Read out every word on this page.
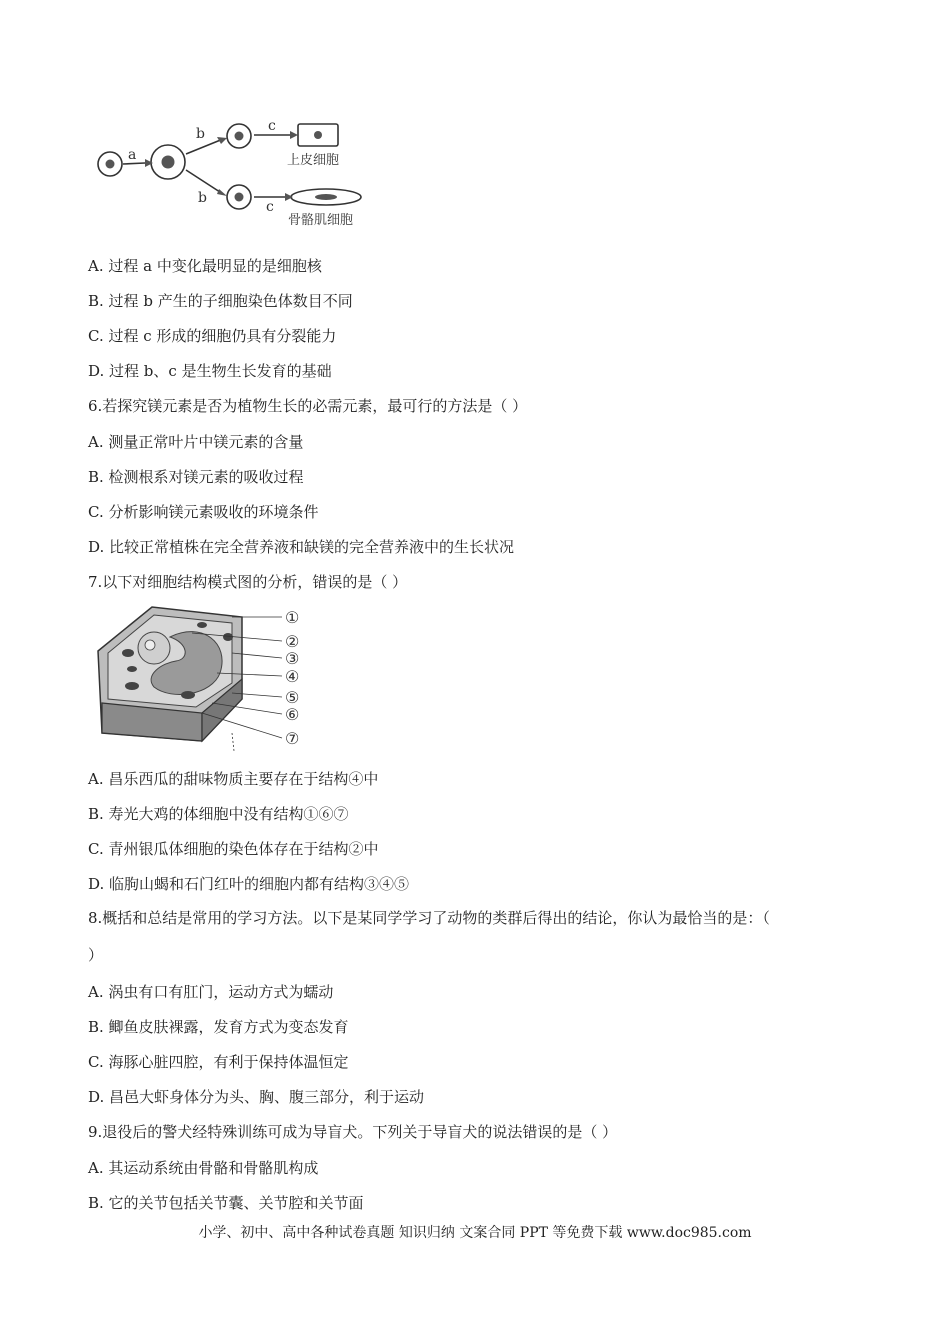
a
b
b
c
c
上皮细胞
骨骼肌细胞
A. 过程 a 中变化最明显的是细胞核
B. 过程 b 产生的子细胞染色体数目不同
C. 过程 c 形成的细胞仍具有分裂能力
D. 过程 b、c 是生物生长发育的基础
6.若探究镁元素是否为植物生长的必需元素，最可行的方法是（ ）
A. 测量正常叶片中镁元素的含量
B. 检测根系对镁元素的吸收过程
C. 分析影响镁元素吸收的环境条件
D. 比较正常植株在完全营养液和缺镁的完全营养液中的生长状况
7.以下对细胞结构模式图的分析，错误的是（ ）
①
②
③
④
⑤
⑥
⑦
A. 昌乐西瓜的甜味物质主要存在于结构④中
B. 寿光大鸡的体细胞中没有结构①⑥⑦
C. 青州银瓜体细胞的染色体存在于结构②中
D. 临朐山蝎和石门红叶的细胞内都有结构③④⑤
8.概括和总结是常用的学习方法。以下是某同学学习了动物的类群后得出的结论，你认为最恰当的是：（
）
A. 涡虫有口有肛门，运动方式为蠕动
B. 鲫鱼皮肤裸露，发育方式为变态发育
C. 海豚心脏四腔，有利于保持体温恒定
D. 昌邑大虾身体分为头、胸、腹三部分，利于运动
9.退役后的警犬经特殊训练可成为导盲犬。下列关于导盲犬的说法错误的是（ ）
A. 其运动系统由骨骼和骨骼肌构成
B. 它的关节包括关节囊、关节腔和关节面
小学、初中、高中各种试卷真题 知识归纳 文案合同 PPT 等免费下载 www.doc985.com
